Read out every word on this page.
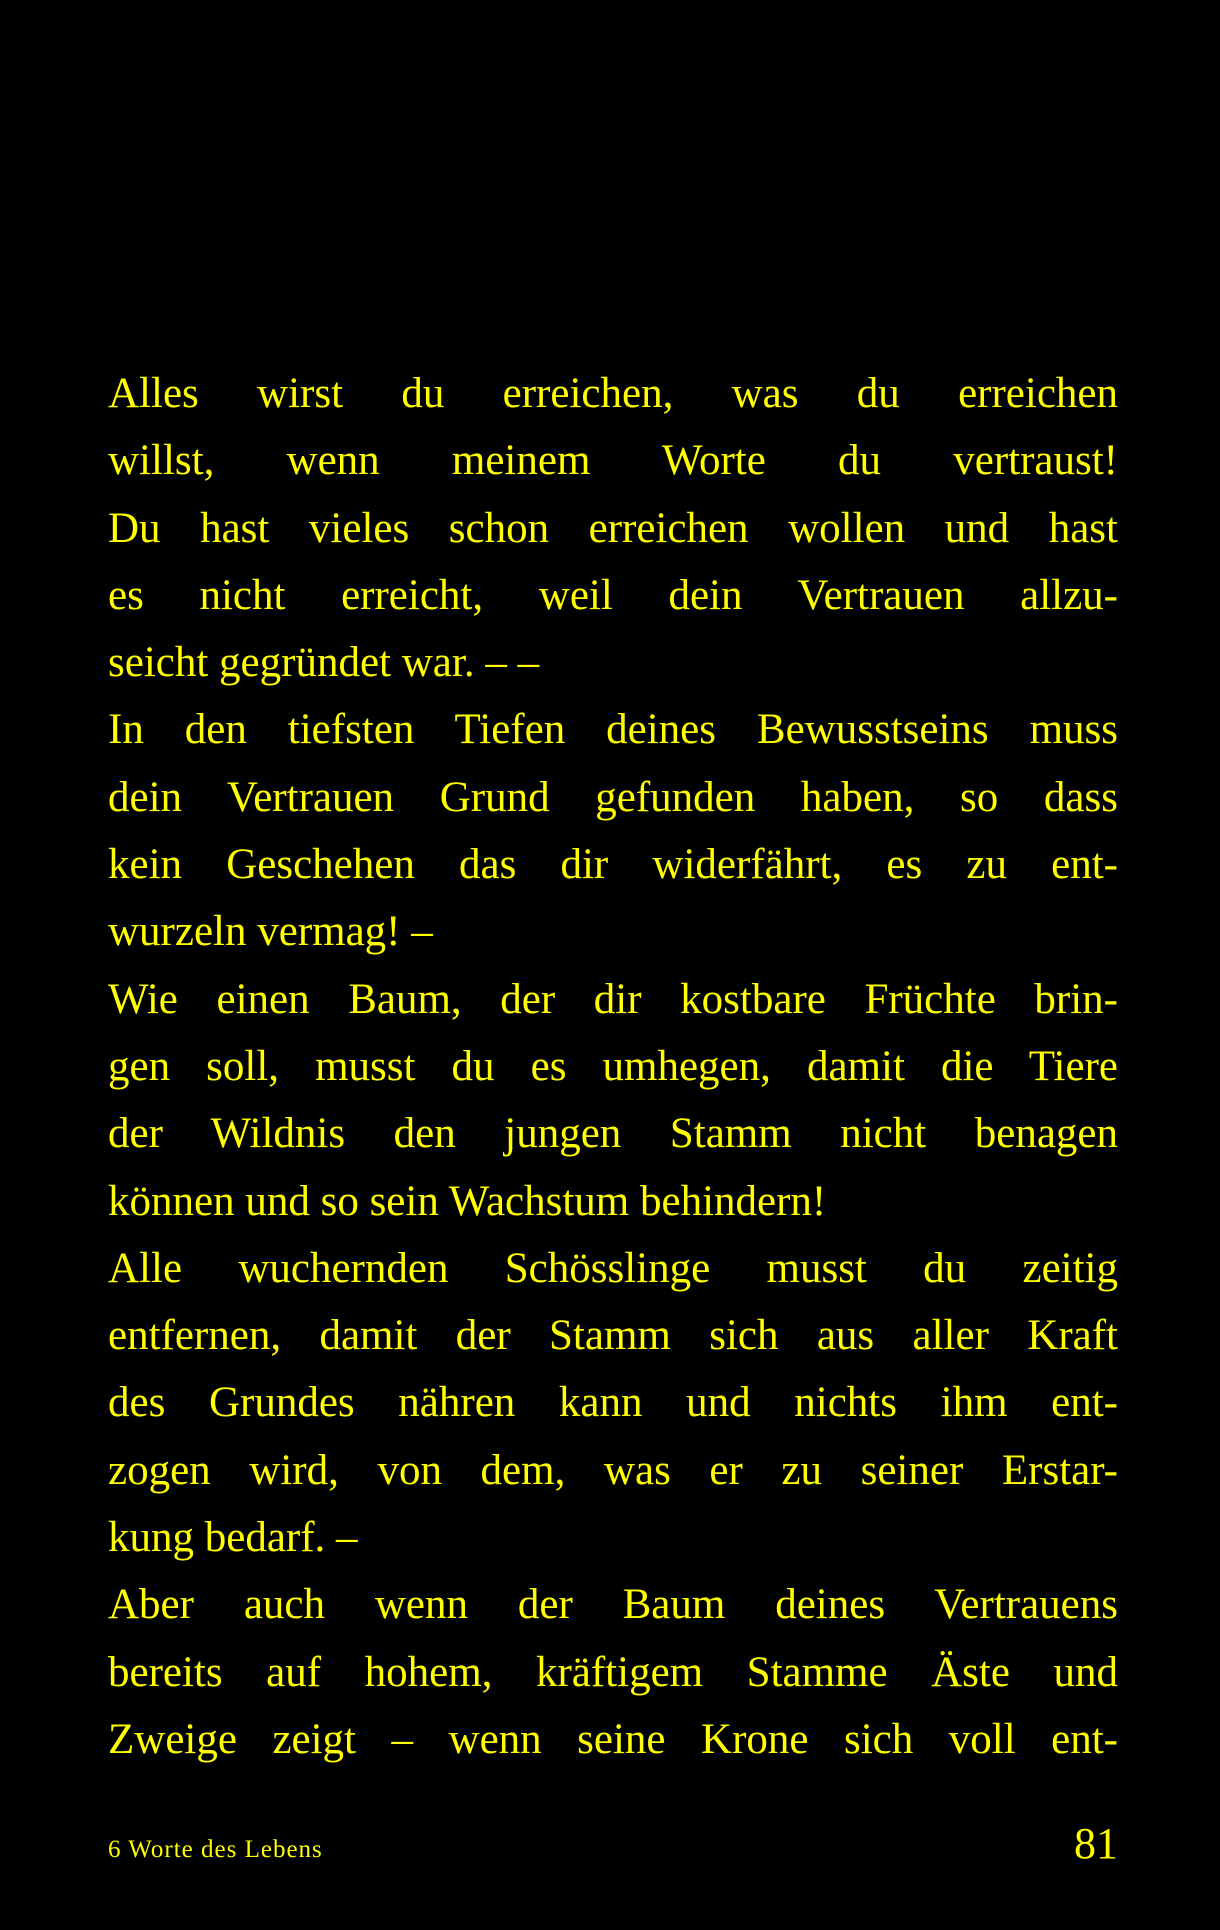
Alles wirst du erreichen, was du erreichen
willst, wenn meinem Worte du vertraust!
Du hast vieles schon erreichen wollen und hast
es nicht erreicht, weil dein Vertrauen allzu-
seicht gegründet war. – –
In den tiefsten Tiefen deines Bewusstseins muss
dein Vertrauen Grund gefunden haben, so dass
kein Geschehen das dir widerfährt, es zu ent-
wurzeln vermag! –
Wie einen Baum, der dir kostbare Früchte brin-
gen soll, musst du es umhegen, damit die Tiere
der Wildnis den jungen Stamm nicht benagen
können und so sein Wachstum behindern!
Alle wuchernden Schösslinge musst du zeitig
entfernen, damit der Stamm sich aus aller Kraft
des Grundes nähren kann und nichts ihm ent-
zogen wird, von dem, was er zu seiner Erstar-
kung bedarf. –
Aber auch wenn der Baum deines Vertrauens
bereits auf hohem, kräftigem Stamme Äste und
Zweige zeigt – wenn seine Krone sich voll ent-
6 Worte des Lebens	81
